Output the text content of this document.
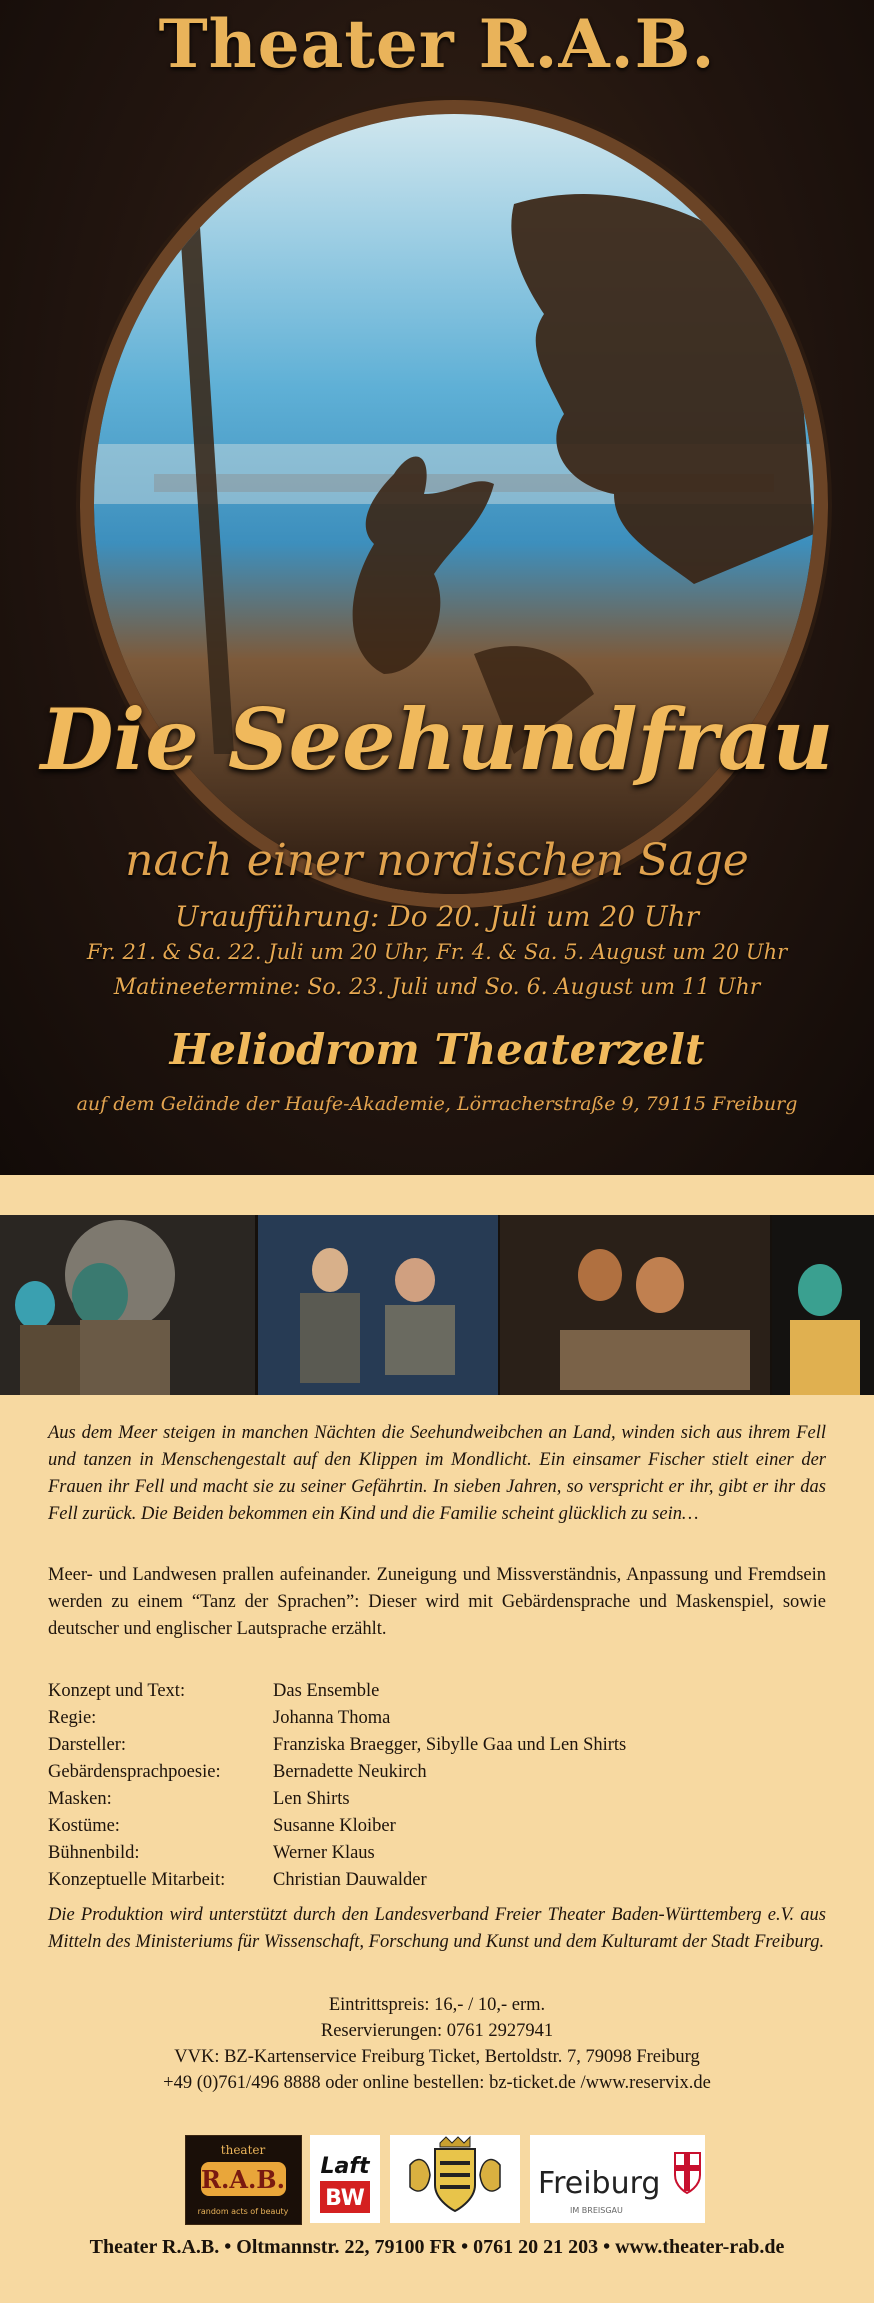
Theater R.A.B.
Die Seehundfrau
nach einer nordischen Sage
Uraufführung: Do 20. Juli um 20 Uhr
Fr. 21. & Sa. 22. Juli um 20 Uhr, Fr. 4. & Sa. 5. August um 20 Uhr
Matineetermine: So. 23. Juli und So. 6. August um 11 Uhr
Heliodrom Theaterzelt
auf dem Gelände der Haufe-Akademie, Lörracherstraße 9, 79115 Freiburg

Aus dem Meer steigen in manchen Nächten die Seehundweibchen an Land, winden sich aus ihrem Fell und tanzen in Menschengestalt auf den Klippen im Mondlicht. Ein einsamer Fischer stielt einer der Frauen ihr Fell und macht sie zu seiner Gefährtin. In sieben Jahren, so verspricht er ihr, gibt er ihr das Fell zurück. Die Beiden bekommen ein Kind und die Familie scheint glücklich zu sein…

Meer- und Landwesen prallen aufeinander. Zuneigung und Missverständnis, Anpassung und Fremdsein werden zu einem “Tanz der Sprachen”: Dieser wird mit Gebärdensprache und Maskenspiel, sowie deutscher und englischer Lautsprache erzählt.

Konzept und Text:	Das Ensemble
Regie:	Johanna Thoma
Darsteller:	Franziska Braegger, Sibylle Gaa und Len Shirts
Gebärdensprachpoesie:	Bernadette Neukirch
Masken:	Len Shirts
Kostüme:	Susanne Kloiber
Bühnenbild:	Werner Klaus
Konzeptuelle Mitarbeit:	Christian Dauwalder

Die Produktion wird unterstützt durch den Landesverband Freier Theater Baden-Württemberg e.V. aus Mitteln des Ministeriums für Wissenschaft, Forschung und Kunst und dem Kulturamt der Stadt Freiburg.

Eintrittspreis: 16,- / 10,- erm.
Reservierungen: 0761 2927941
VVK: BZ-Kartenservice Freiburg Ticket, Bertoldstr. 7, 79098 Freiburg
+49 (0)761/496 8888 oder online bestellen: bz-ticket.de /www.reservix.de
theater
R.A.B.
random acts of beauty
Laft
BW	Freiburg
IM BREISGAU
Theater R.A.B. • Oltmannstr. 22, 79100 FR • 0761 20 21 203 • www.theater-rab.de
